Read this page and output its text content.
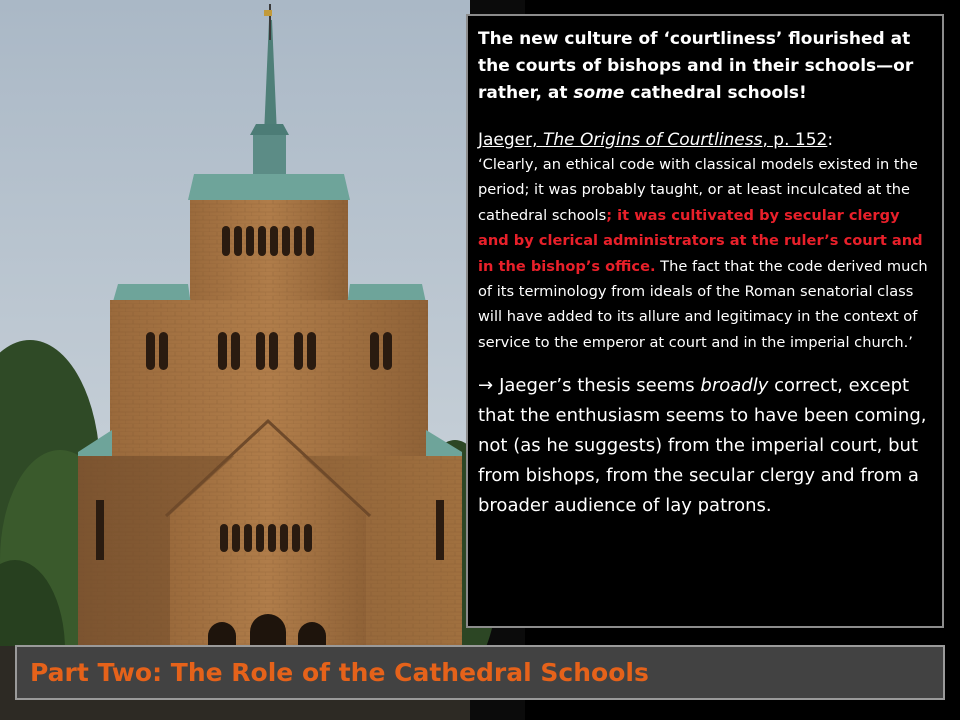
The new culture of ‘courtliness’ flourished at the courts of bishops and in their schools—or rather, at some cathedral schools!

Jaeger, The Origins of Courtliness, p. 152:

‘Clearly, an ethical code with classical models existed in the period; it was probably taught, or at least inculcated at the cathedral schools; it was cultivated by secular clergy and by clerical administrators at the ruler’s court and in the bishop’s office. The fact that the code derived much of its terminology from ideals of the Roman senatorial class will have added to its allure and legitimacy in the context of service to the emperor at court and in the imperial church.’

→ Jaeger’s thesis seems broadly correct, except that the enthusiasm seems to have been coming, not (as he suggests) from the imperial court, but from bishops, from the secular clergy and from a broader audience of lay patrons.

Part Two: The Role of the Cathedral Schools
